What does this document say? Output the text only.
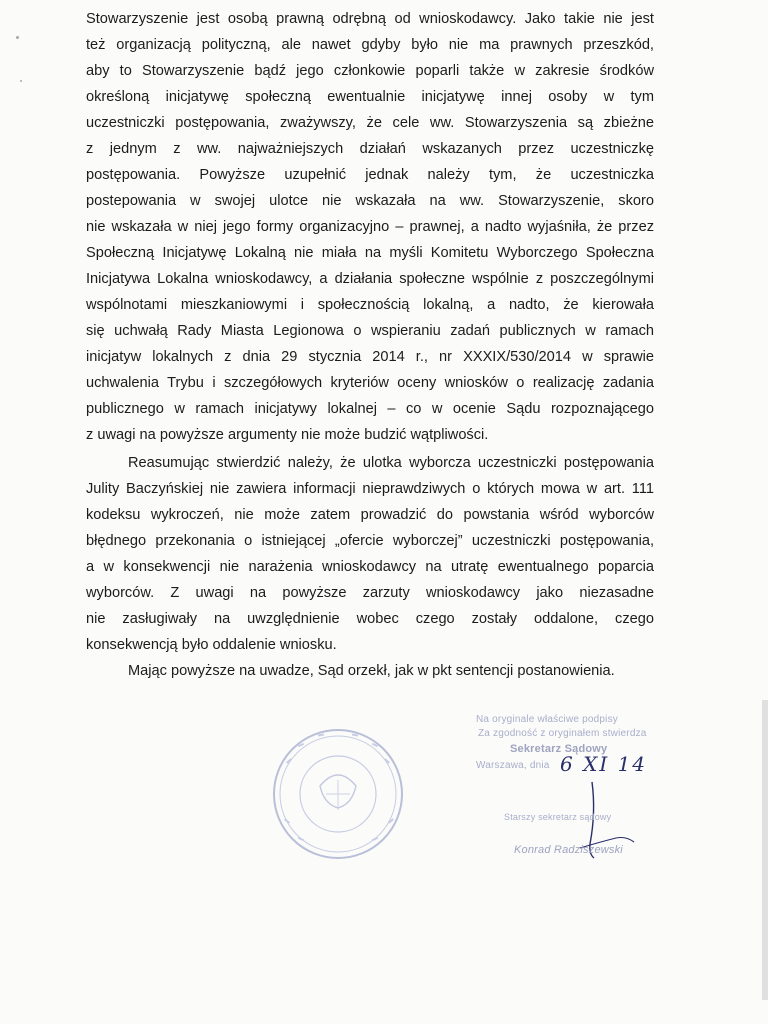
Stowarzyszenie jest osobą prawną odrębną od wnioskodawcy. Jako takie nie jest
też organizacją polityczną, ale nawet gdyby było nie ma prawnych przeszkód,
aby to Stowarzyszenie bądź jego członkowie poparli także w zakresie środków
określoną inicjatywę społeczną ewentualnie inicjatywę innej osoby w tym
uczestniczki postępowania, zważywszy, że cele ww. Stowarzyszenia są zbieżne
z jednym z ww. najważniejszych działań wskazanych przez uczestniczkę
postępowania. Powyższe uzupełnić jednak należy tym, że uczestniczka
postepowania w swojej ulotce nie wskazała na ww. Stowarzyszenie, skoro
nie wskazała w niej jego formy organizacyjno – prawnej, a nadto wyjaśniła, że przez
Społeczną Inicjatywę Lokalną nie miała na myśli Komitetu Wyborczego Społeczna
Inicjatywa Lokalna wnioskodawcy, a działania społeczne wspólnie z poszczególnymi
wspólnotami mieszkaniowymi i społecznością lokalną, a nadto, że kierowała
się uchwałą Rady Miasta Legionowa o wspieraniu zadań publicznych w ramach
inicjatyw lokalnych z dnia 29 stycznia 2014 r., nr XXXIX/530/2014 w sprawie
uchwalenia Trybu i szczegółowych kryteriów oceny wniosków o realizację zadania
publicznego w ramach inicjatywy lokalnej – co w ocenie Sądu rozpoznającego
z uwagi na powyższe argumenty nie może budzić wątpliwości.
Reasumując stwierdzić należy, że ulotka wyborcza uczestniczki postępowania
Julity Baczyńskiej nie zawiera informacji nieprawdziwych o których mowa w art. 111
kodeksu wykroczeń, nie może zatem prowadzić do powstania wśród wyborców
błędnego przekonania o istniejącej „ofercie wyborczej” uczestniczki postępowania,
a w konsekwencji nie narażenia wnioskodawcy na utratę ewentualnego poparcia
wyborców. Z uwagi na powyższe zarzuty wnioskodawcy jako niezasadne
nie zasługiwały na uwzględnienie wobec czego zostały oddalone, czego
konsekwencją było oddalenie wniosku.
Mając powyższe na uwadze, Sąd orzekł, jak w pkt sentencji postanowienia.
Na oryginale właściwe podpisy
Za zgodność z oryginałem stwierdza
Sekretarz Sądowy
Warszawa, dnia 6 XI 14
Starszy sekretarz sądowy
Konrad Radziszewski
